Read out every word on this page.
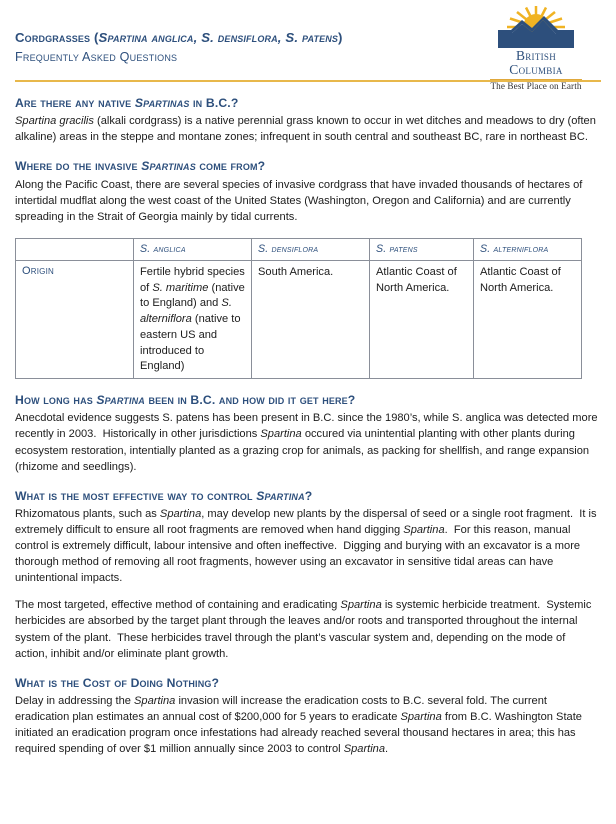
Cordgrasses (Spartina anglica, S. densiflora, S. patens)
Frequently Asked Questions	British
Columbia
The Best Place on Earth
Are there any native Spartinas in B.C.?

Spartina gracilis (alkali cordgrass) is a native perennial grass known to occur in wet ditches and meadows to dry (often alkaline) areas in the steppe and montane zones; infrequent in south central and southeast BC, rare in northeast BC.

Where do the invasive Spartinas come from?

Along the Pacific Coast, there are several species of invasive cordgrass that have invaded thousands of hectares of intertidal mudflat along the west coast of the United States (Washington, Oregon and California) and are currently spreading in the Strait of Georgia mainly by tidal currents.

	S. anglica	S. densiflora	S. patens	S. alterniflora
Origin	Fertile hybrid species of S. maritime (native to England) and S. alterniflora (native to eastern US and introduced to England)	South America.	Atlantic Coast of North America.	Atlantic Coast of North America.
How long has Spartina been in B.C. and how did it get here?

Anecdotal evidence suggests S. patens has been present in B.C. since the 1980’s, while S. anglica was detected more recently in 2003.  Historically in other jurisdictions Spartina occured via unintential planting with other plants during ecosystem restoration, intentially planted as a grazing crop for animals, as packing for shellfish, and range expansion (rhizome and seedlings).

What is the most effective way to control Spartina?

Rhizomatous plants, such as Spartina, may develop new plants by the dispersal of seed or a single root fragment.  It is extremely difficult to ensure all root fragments are removed when hand digging Spartina.  For this reason, manual control is extremely difficult, labour intensive and often ineffective.  Digging and burying with an excavator is a more thorough method of removing all root fragments, however using an excavator in sensitive tidal areas can have unintentional impacts.

The most targeted, effective method of containing and eradicating Spartina is systemic herbicide treatment.  Systemic herbicides are absorbed by the target plant through the leaves and/or roots and transported throughout the internal system of the plant.  These herbicides travel through the plant’s vascular system and, depending on the mode of action, inhibit and/or eliminate plant growth.

What is the Cost of Doing Nothing?

Delay in addressing the Spartina invasion will increase the eradication costs to B.C. several fold. The current eradication plan estimates an annual cost of $200,000 for 5 years to eradicate Spartina from B.C. Washington State initiated an eradication program once infestations had already reached several thousand hectares in area; this has required spending of over $1 million annually since 2003 to control Spartina.
